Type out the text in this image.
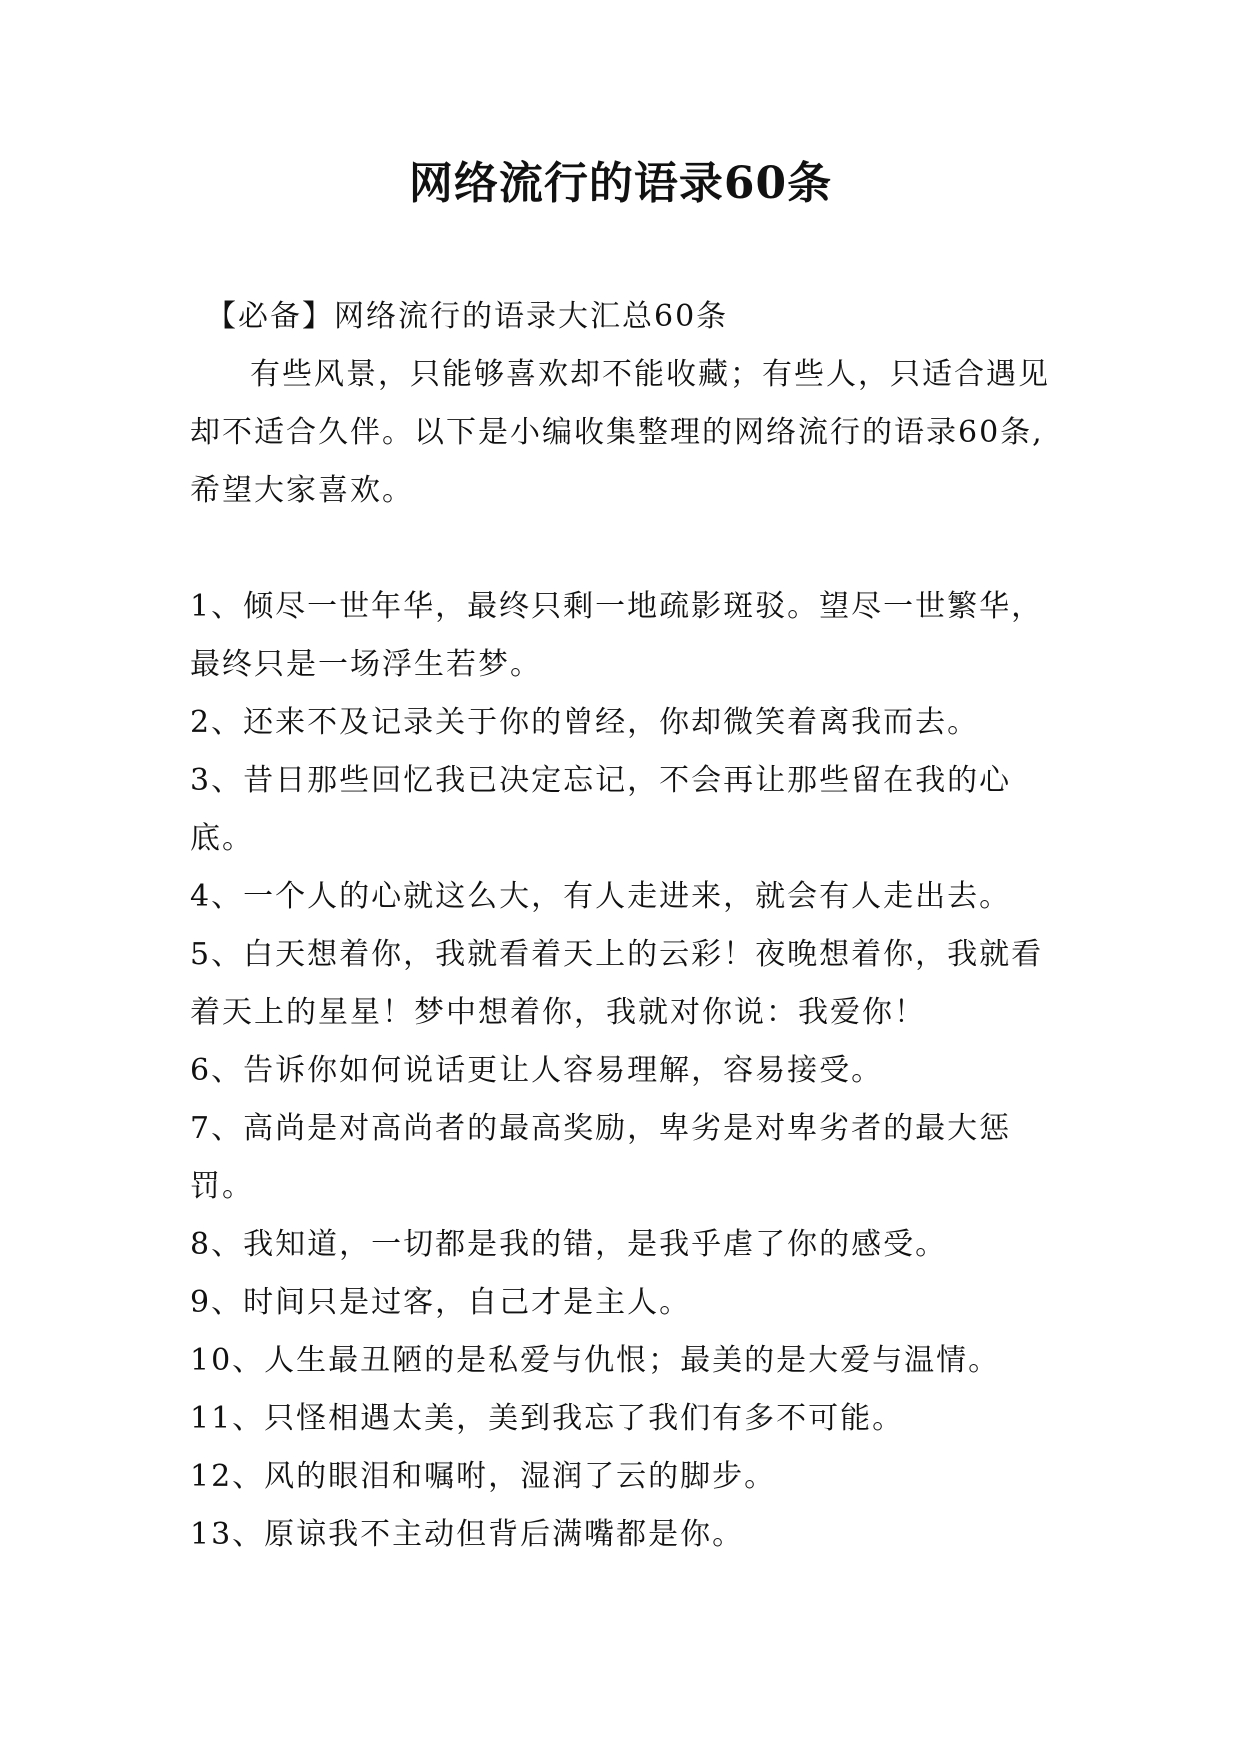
网络流行的语录60条

【必备】网络流行的语录大汇总60条

有些风景，只能够喜欢却不能收藏；有些人，只适合遇见却不适合久伴。以下是小编收集整理的网络流行的语录60条,希望大家喜欢。

1、倾尽一世年华，最终只剩一地疏影斑驳。望尽一世繁华，最终只是一场浮生若梦。

2、还来不及记录关于你的曾经，你却微笑着离我而去。

3、昔日那些回忆我已决定忘记，不会再让那些留在我的心底。

4、一个人的心就这么大，有人走进来，就会有人走出去。

5、白天想着你，我就看着天上的云彩！夜晚想着你，我就看着天上的星星！梦中想着你，我就对你说：我爱你！

6、告诉你如何说话更让人容易理解，容易接受。

7、高尚是对高尚者的最高奖励，卑劣是对卑劣者的最大惩罚。

8、我知道，一切都是我的错，是我乎虐了你的感受。

9、时间只是过客，自己才是主人。

10、人生最丑陋的是私爱与仇恨；最美的是大爱与温情。

11、只怪相遇太美，美到我忘了我们有多不可能。

12、风的眼泪和嘱咐，湿润了云的脚步。

13、原谅我不主动但背后满嘴都是你。
